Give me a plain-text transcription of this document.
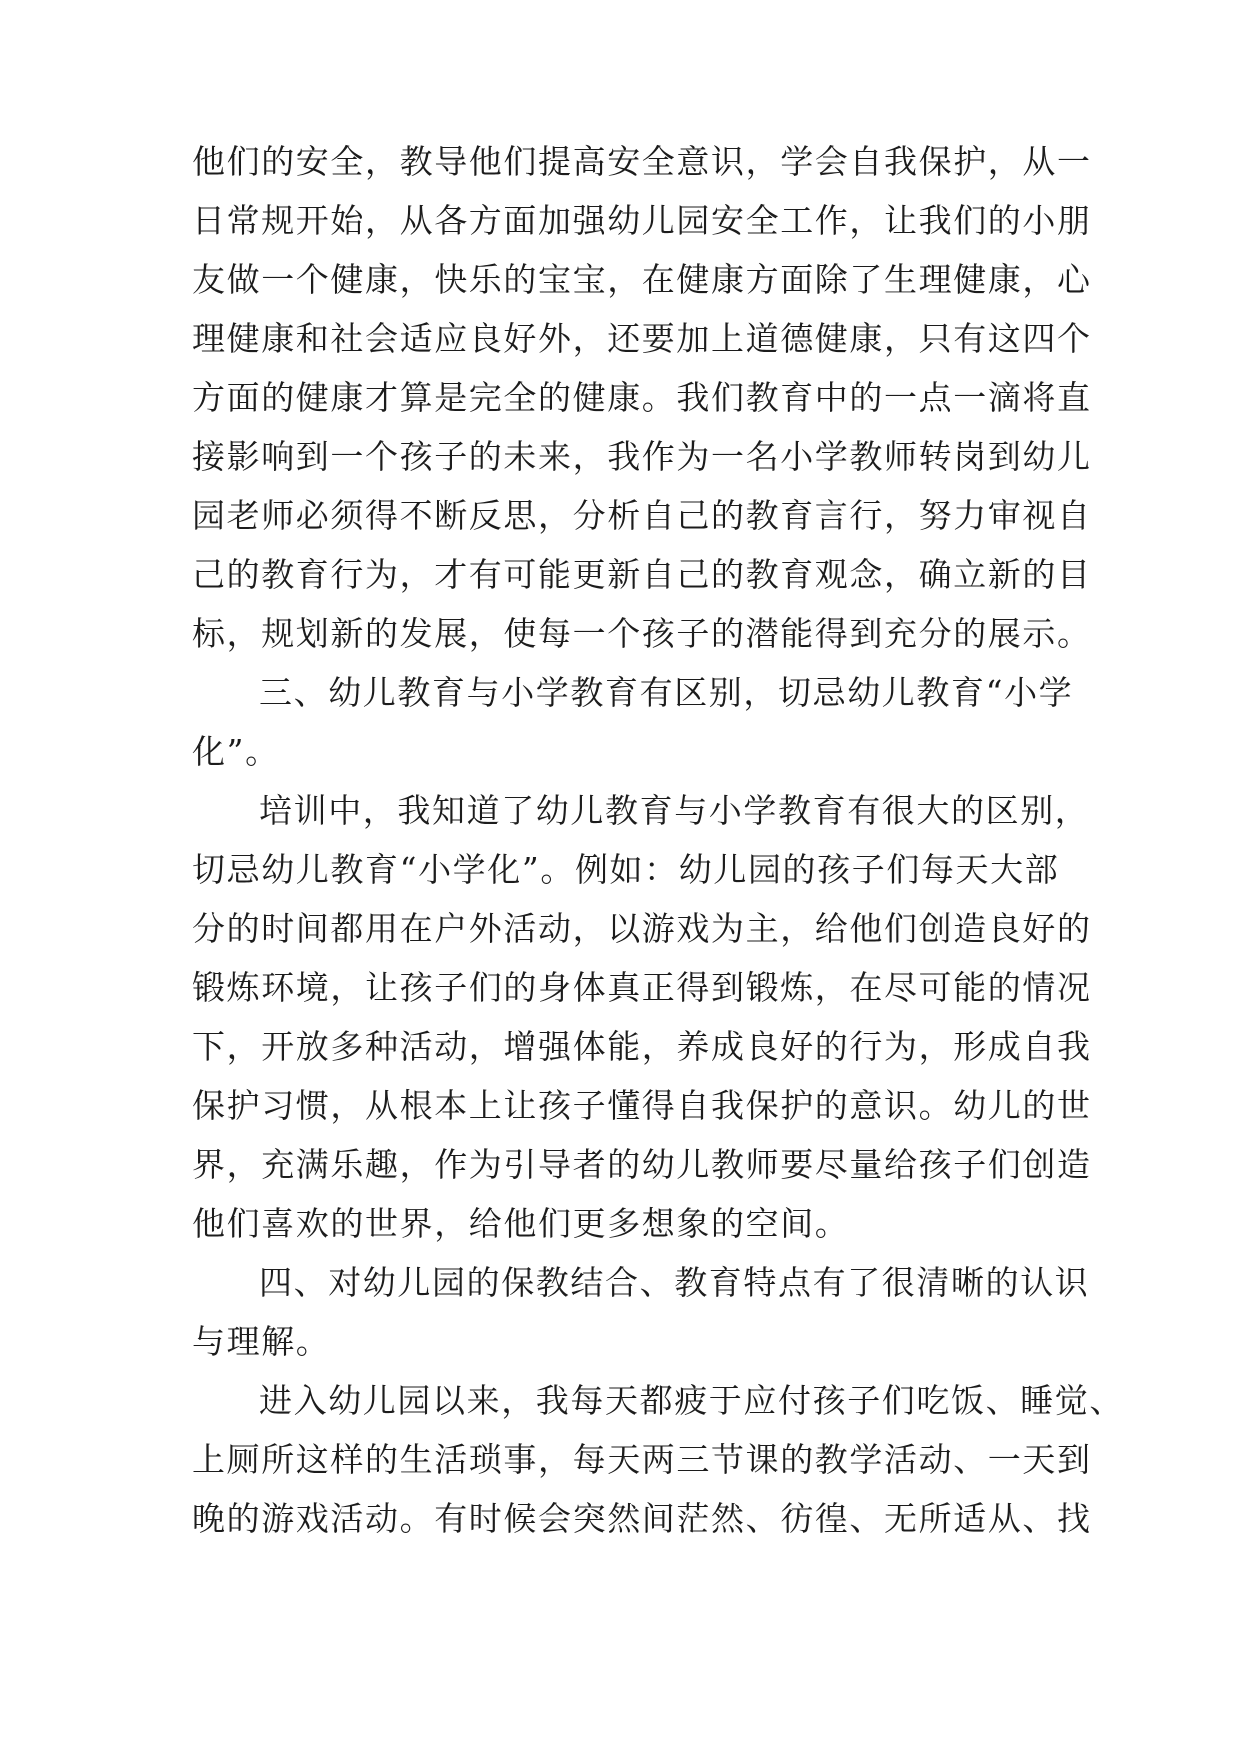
他们的安全，教导他们提高安全意识，学会自我保护，从一
日常规开始，从各方面加强幼儿园安全工作，让我们的小朋
友做一个健康，快乐的宝宝，在健康方面除了生理健康，心
理健康和社会适应良好外，还要加上道德健康，只有这四个
方面的健康才算是完全的健康。我们教育中的一点一滴将直
接影响到一个孩子的未来，我作为一名小学教师转岗到幼儿
园老师必须得不断反思，分析自己的教育言行，努力审视自
己的教育行为，才有可能更新自己的教育观念，确立新的目
标，规划新的发展，使每一个孩子的潜能得到充分的展示。
三、幼儿教育与小学教育有区别，切忌幼儿教育“小学
化”。
培训中，我知道了幼儿教育与小学教育有很大的区别，
切忌幼儿教育“小学化”。例如：幼儿园的孩子们每天大部
分的时间都用在户外活动，以游戏为主，给他们创造良好的
锻炼环境，让孩子们的身体真正得到锻炼，在尽可能的情况
下，开放多种活动，增强体能，养成良好的行为，形成自我
保护习惯，从根本上让孩子懂得自我保护的意识。幼儿的世
界，充满乐趣，作为引导者的幼儿教师要尽量给孩子们创造
他们喜欢的世界，给他们更多想象的空间。
四、对幼儿园的保教结合、教育特点有了很清晰的认识
与理解。
进入幼儿园以来，我每天都疲于应付孩子们吃饭、睡觉、
上厕所这样的生活琐事，每天两三节课的教学活动、一天到
晚的游戏活动。有时候会突然间茫然、彷徨、无所适从、找
